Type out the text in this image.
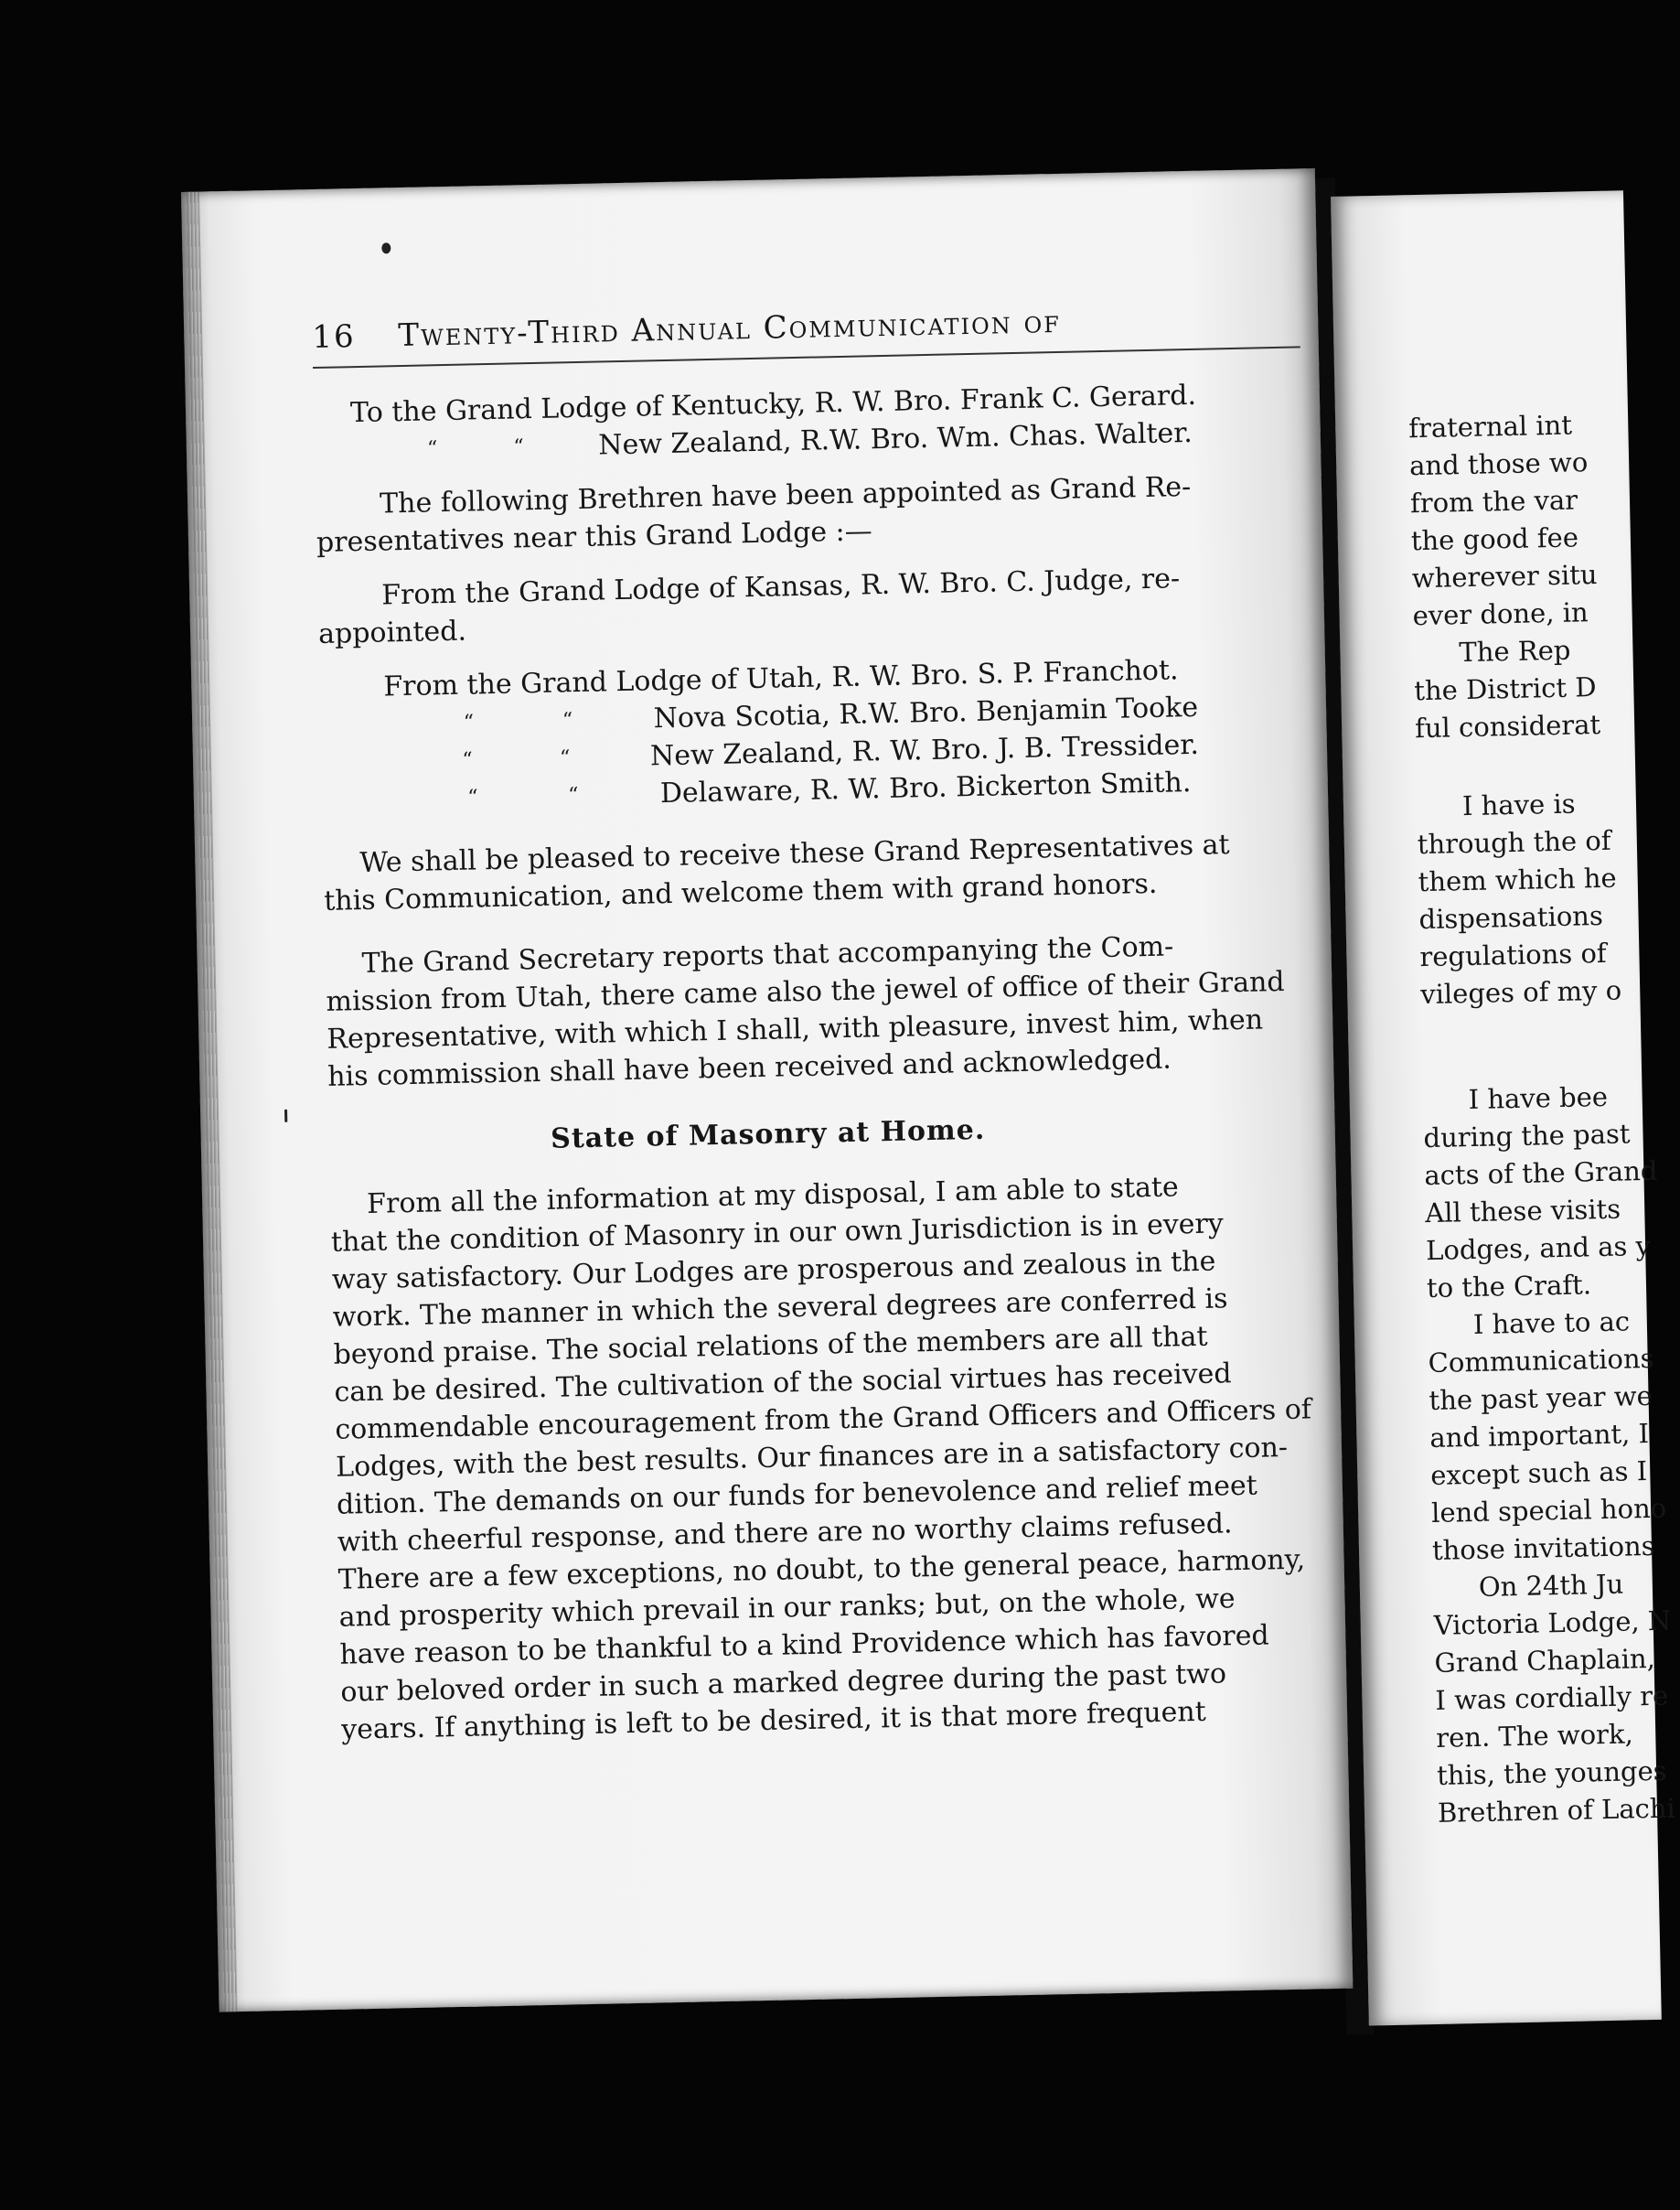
16 Twenty-Third Annual Communication of

To the Grand Lodge of Kentucky, R. W. Bro. Frank C. Gerard.

“	“	New Zealand, R.W. Bro. Wm. Chas. Walter.

The following Brethren have been appointed as Grand Re-

presentatives near this Grand Lodge :—

From the Grand Lodge of Kansas, R. W. Bro. C. Judge, re-

appointed.

From the Grand Lodge of Utah, R. W. Bro. S. P. Franchot.

“	“	Nova Scotia, R.W. Bro. Benjamin Tooke
“	“	New Zealand, R. W. Bro. J. B. Tressider.
“	“	Delaware, R. W. Bro. Bickerton Smith.

We shall be pleased to receive these Grand Representatives at

this Communication, and welcome them with grand honors.

The Grand Secretary reports that accompanying the Com-

mission from Utah, there came also the jewel of office of their Grand

Representative, with which I shall, with pleasure, invest him, when

his commission shall have been received and acknowledged.

State of Masonry at Home.

From all the information at my disposal, I am able to state

that the condition of Masonry in our own Jurisdiction is in every

way satisfactory. Our Lodges are prosperous and zealous in the

work. The manner in which the several degrees are conferred is

beyond praise. The social relations of the members are all that

can be desired. The cultivation of the social virtues has received

commendable encouragement from the Grand Officers and Officers of

Lodges, with the best results. Our finances are in a satisfactory con-

dition. The demands on our funds for benevolence and relief meet

with cheerful response, and there are no worthy claims refused.

There are a few exceptions, no doubt, to the general peace, harmony,

and prosperity which prevail in our ranks; but, on the whole, we

have reason to be thankful to a kind Providence which has favored

our beloved order in such a marked degree during the past two

years. If anything is left to be desired, it is that more frequent

fraternal int

and those wo

from the var

the good fee

wherever situ

ever done, in

The Rep

the District D

ful considerat

I have is

through the of

them which he

dispensations

regulations of

vileges of my o

I have bee

during the past

acts of the Grand

All these visits

Lodges, and as y

to the Craft.

I have to ac

Communications

the past year we

and important, I

except such as I

lend special hono

those invitations

On 24th Ju

Victoria Lodge, N

Grand Chaplain,

I was cordially re

ren. The work,

this, the younges

Brethren of Lachi
